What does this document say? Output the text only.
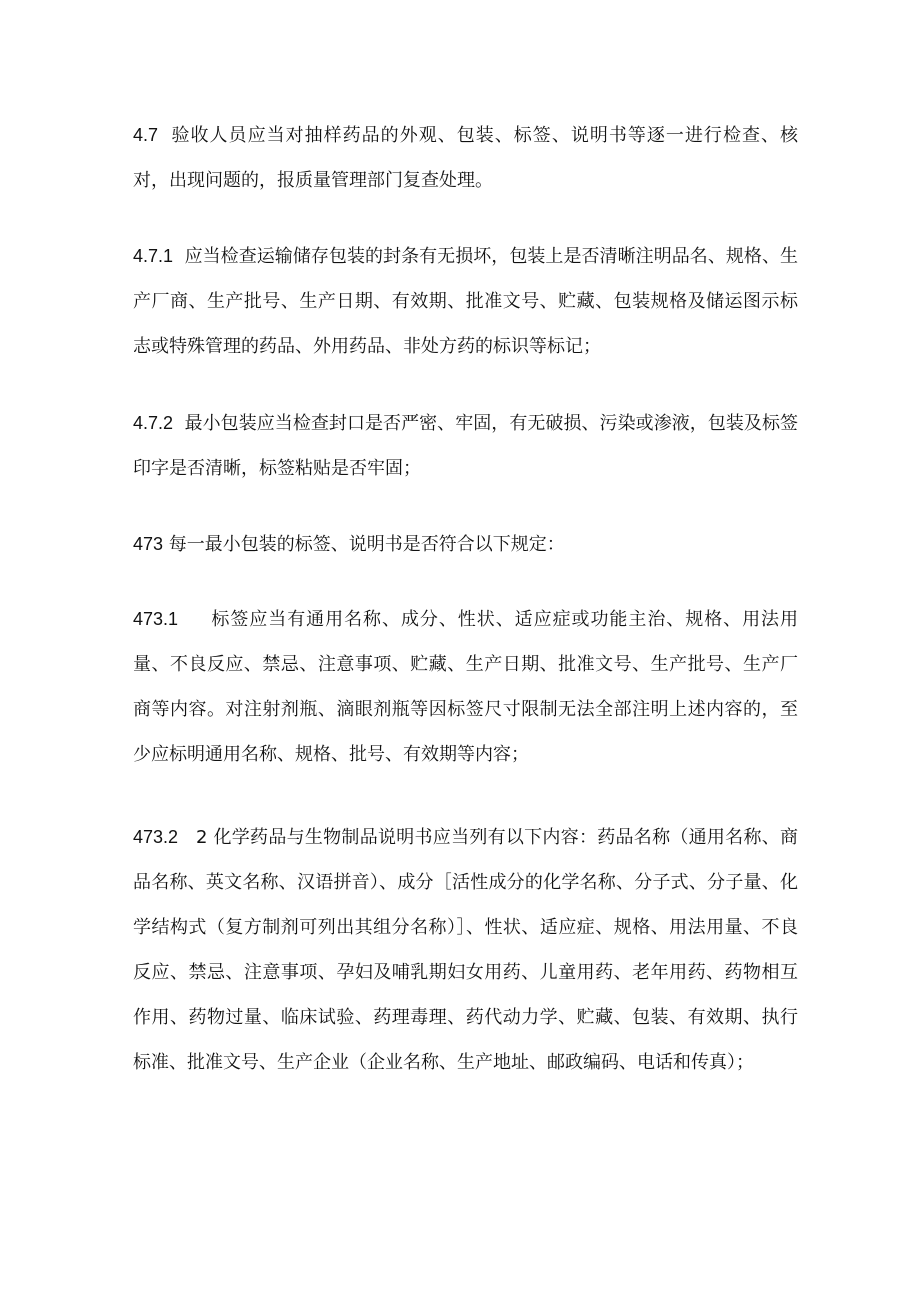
4.7 验收人员应当对抽样药品的外观、包装、标签、说明书等逐一进行检查、核对，出现问题的，报质量管理部门复查处理。

4.7.1 应当检查运输储存包装的封条有无损坏，包装上是否清晰注明品名、规格、生产厂商、生产批号、生产日期、有效期、批准文号、贮藏、包装规格及储运图示标志或特殊管理的药品、外用药品、非处方药的标识等标记；

4.7.2 最小包装应当检查封口是否严密、牢固，有无破损、污染或渗液，包装及标签印字是否清晰，标签粘贴是否牢固；

473 每一最小包装的标签、说明书是否符合以下规定：

473.1 标签应当有通用名称、成分、性状、适应症或功能主治、规格、用法用量、不良反应、禁忌、注意事项、贮藏、生产日期、批准文号、生产批号、生产厂商等内容。对注射剂瓶、滴眼剂瓶等因标签尺寸限制无法全部注明上述内容的，至少应标明通用名称、规格、批号、有效期等内容；

473.2 2 化学药品与生物制品说明书应当列有以下内容：药品名称（通用名称、商品名称、英文名称、汉语拼音）、成分［活性成分的化学名称、分子式、分子量、化学结构式（复方制剂可列出其组分名称）］、性状、适应症、规格、用法用量、不良反应、禁忌、注意事项、孕妇及哺乳期妇女用药、儿童用药、老年用药、药物相互作用、药物过量、临床试验、药理毒理、药代动力学、贮藏、包装、有效期、执行标准、批准文号、生产企业（企业名称、生产地址、邮政编码、电话和传真）；
